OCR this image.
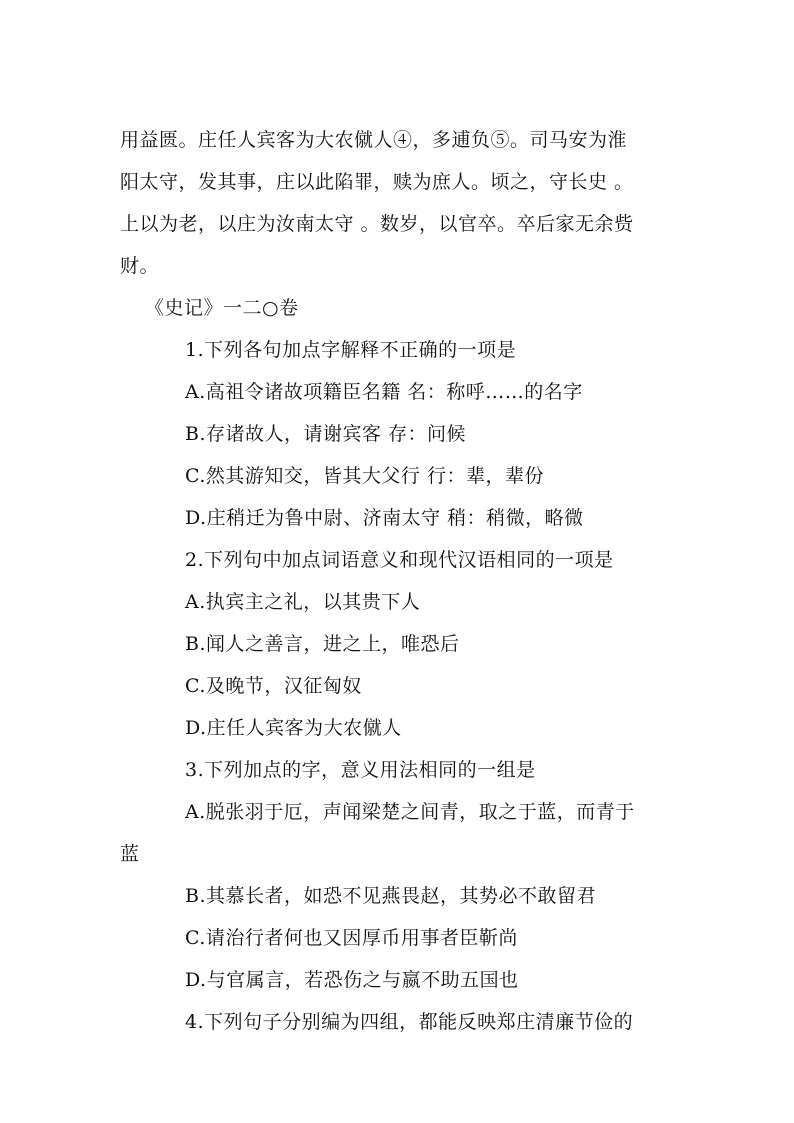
用益匮。庄任人宾客为大农僦人④，多逋负⑤。司马安为淮
阳太守，发其事，庄以此陷罪，赎为庶人。顷之，守长史 。
上以为老，以庄为汝南太守 。数岁，以官卒。卒后家无余赀
财。
《史记》一二○卷
1.下列各句加点字解释不正确的一项是
A.高祖令诸故项籍臣名籍 名：称呼……的名字
B.存诸故人，请谢宾客 存：问候
C.然其游知交，皆其大父行 行：辈，辈份
D.庄稍迁为鲁中尉、济南太守 稍：稍微，略微
2.下列句中加点词语意义和现代汉语相同的一项是
A.执宾主之礼，以其贵下人
B.闻人之善言，进之上，唯恐后
C.及晚节，汉征匈奴
D.庄任人宾客为大农僦人
3.下列加点的字，意义用法相同的一组是
A.脱张羽于厄，声闻梁楚之间青，取之于蓝，而青于
蓝
B.其慕长者，如恐不见燕畏赵，其势必不敢留君
C.请治行者何也又因厚币用事者臣靳尚
D.与官属言，若恐伤之与嬴不助五国也
4.下列句子分别编为四组，都能反映郑庄清廉节俭的
